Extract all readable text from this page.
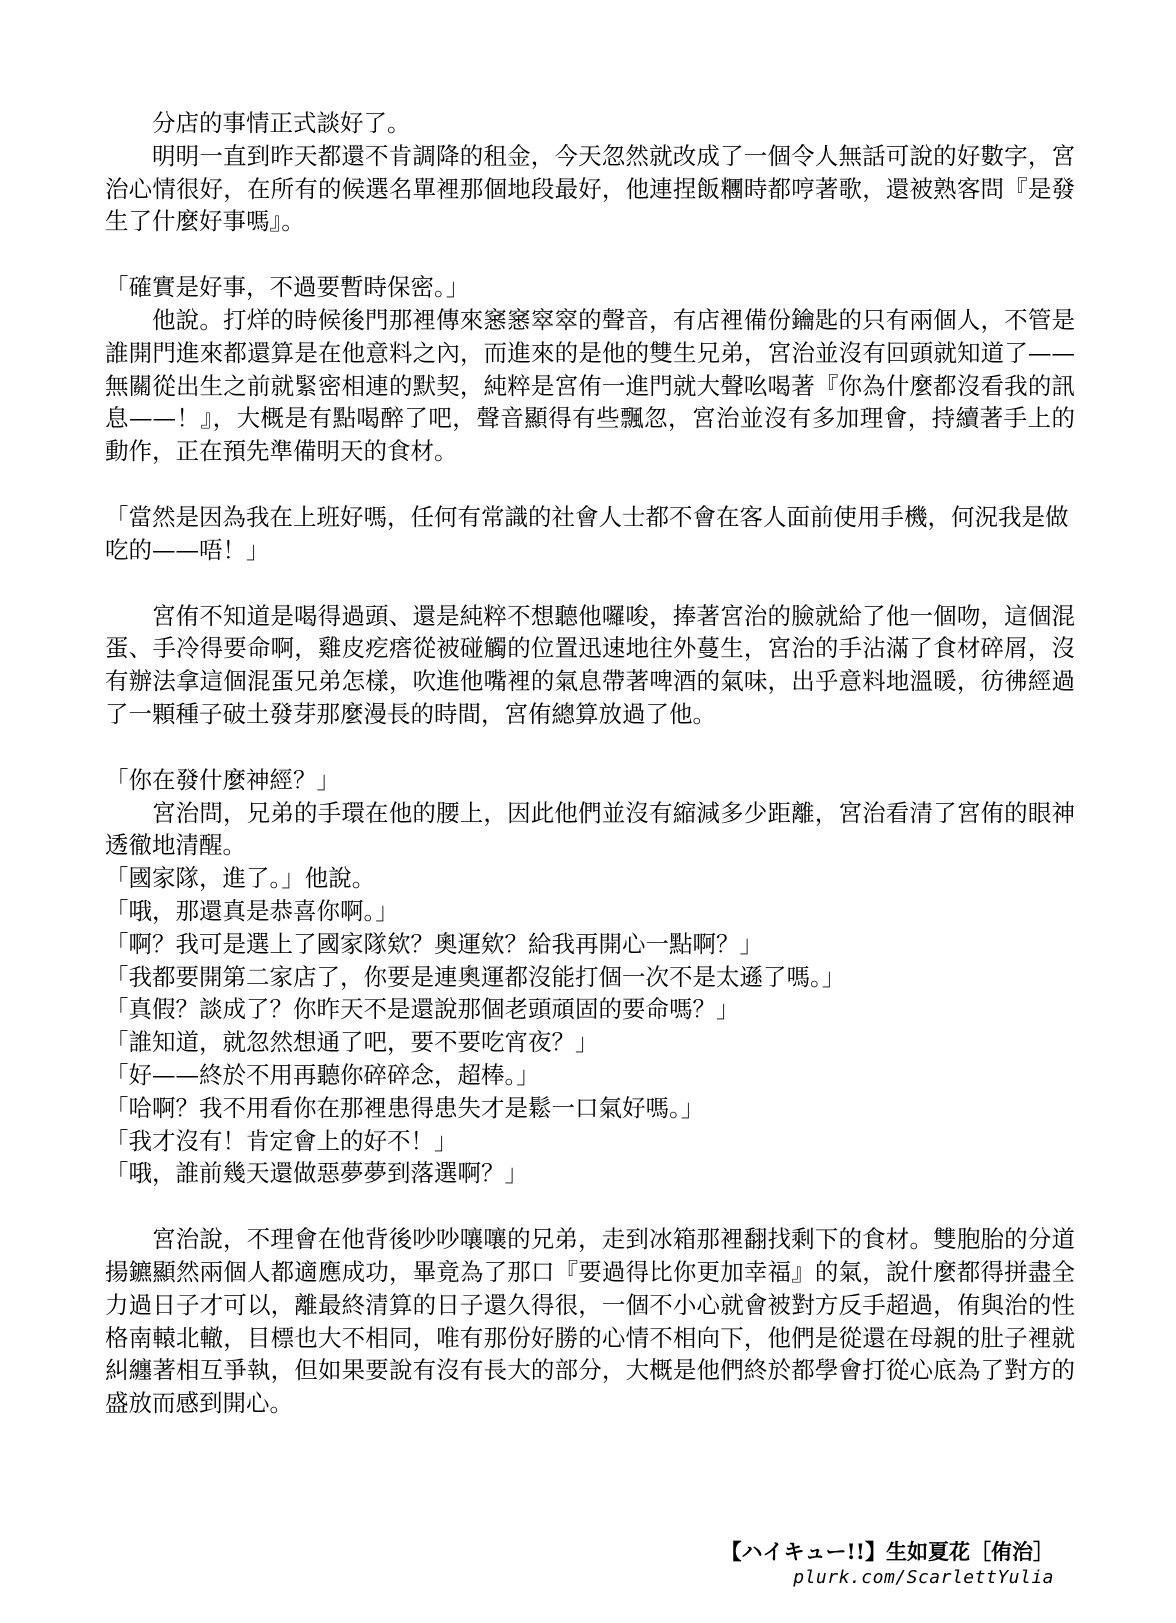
分店的事情正式談好了。

明明一直到昨天都還不肯調降的租金，今天忽然就改成了一個令人無話可說的好數字，宮治心情很好，在所有的候選名單裡那個地段最好，他連捏飯糰時都哼著歌，還被熟客問『是發生了什麼好事嗎』。

「確實是好事，不過要暫時保密。」

他說。打烊的時候後門那裡傳來窸窸窣窣的聲音，有店裡備份鑰匙的只有兩個人，不管是誰開門進來都還算是在他意料之內，而進來的是他的雙生兄弟，宮治並沒有回頭就知道了——無關從出生之前就緊密相連的默契，純粹是宮侑一進門就大聲吆喝著『你為什麼都沒看我的訊息——！』，大概是有點喝醉了吧，聲音顯得有些飄忽，宮治並沒有多加理會，持續著手上的動作，正在預先準備明天的食材。

「當然是因為我在上班好嗎，任何有常識的社會人士都不會在客人面前使用手機，何況我是做吃的——唔！」

宮侑不知道是喝得過頭、還是純粹不想聽他囉唆，捧著宮治的臉就給了他一個吻，這個混蛋、手冷得要命啊，雞皮疙瘩從被碰觸的位置迅速地往外蔓生，宮治的手沾滿了食材碎屑，沒有辦法拿這個混蛋兄弟怎樣，吹進他嘴裡的氣息帶著啤酒的氣味，出乎意料地溫暖，彷彿經過了一顆種子破土發芽那麼漫長的時間，宮侑總算放過了他。

「你在發什麼神經？」

宮治問，兄弟的手環在他的腰上，因此他們並沒有縮減多少距離，宮治看清了宮侑的眼神透徹地清醒。

「國家隊，進了。」他說。

「哦，那還真是恭喜你啊。」

「啊？我可是選上了國家隊欸？奧運欸？給我再開心一點啊？」

「我都要開第二家店了，你要是連奧運都沒能打個一次不是太遜了嗎。」

「真假？談成了？你昨天不是還說那個老頭頑固的要命嗎？」

「誰知道，就忽然想通了吧，要不要吃宵夜？」

「好——終於不用再聽你碎碎念，超棒。」

「哈啊？我不用看你在那裡患得患失才是鬆一口氣好嗎。」

「我才沒有！肯定會上的好不！」

「哦，誰前幾天還做惡夢夢到落選啊？」

宮治說，不理會在他背後吵吵嚷嚷的兄弟，走到冰箱那裡翻找剩下的食材。雙胞胎的分道揚鑣顯然兩個人都適應成功，畢竟為了那口『要過得比你更加幸福』的氣，說什麼都得拼盡全力過日子才可以，離最終清算的日子還久得很，一個不小心就會被對方反手超過，侑與治的性格南轅北轍，目標也大不相同，唯有那份好勝的心情不相向下，他們是從還在母親的肚子裡就糾纏著相互爭執，但如果要說有沒有長大的部分，大概是他們終於都學會打從心底為了對方的盛放而感到開心。

【ハイキュー!!】生如夏花［侑治］
plurk.com/ScarlettYulia
